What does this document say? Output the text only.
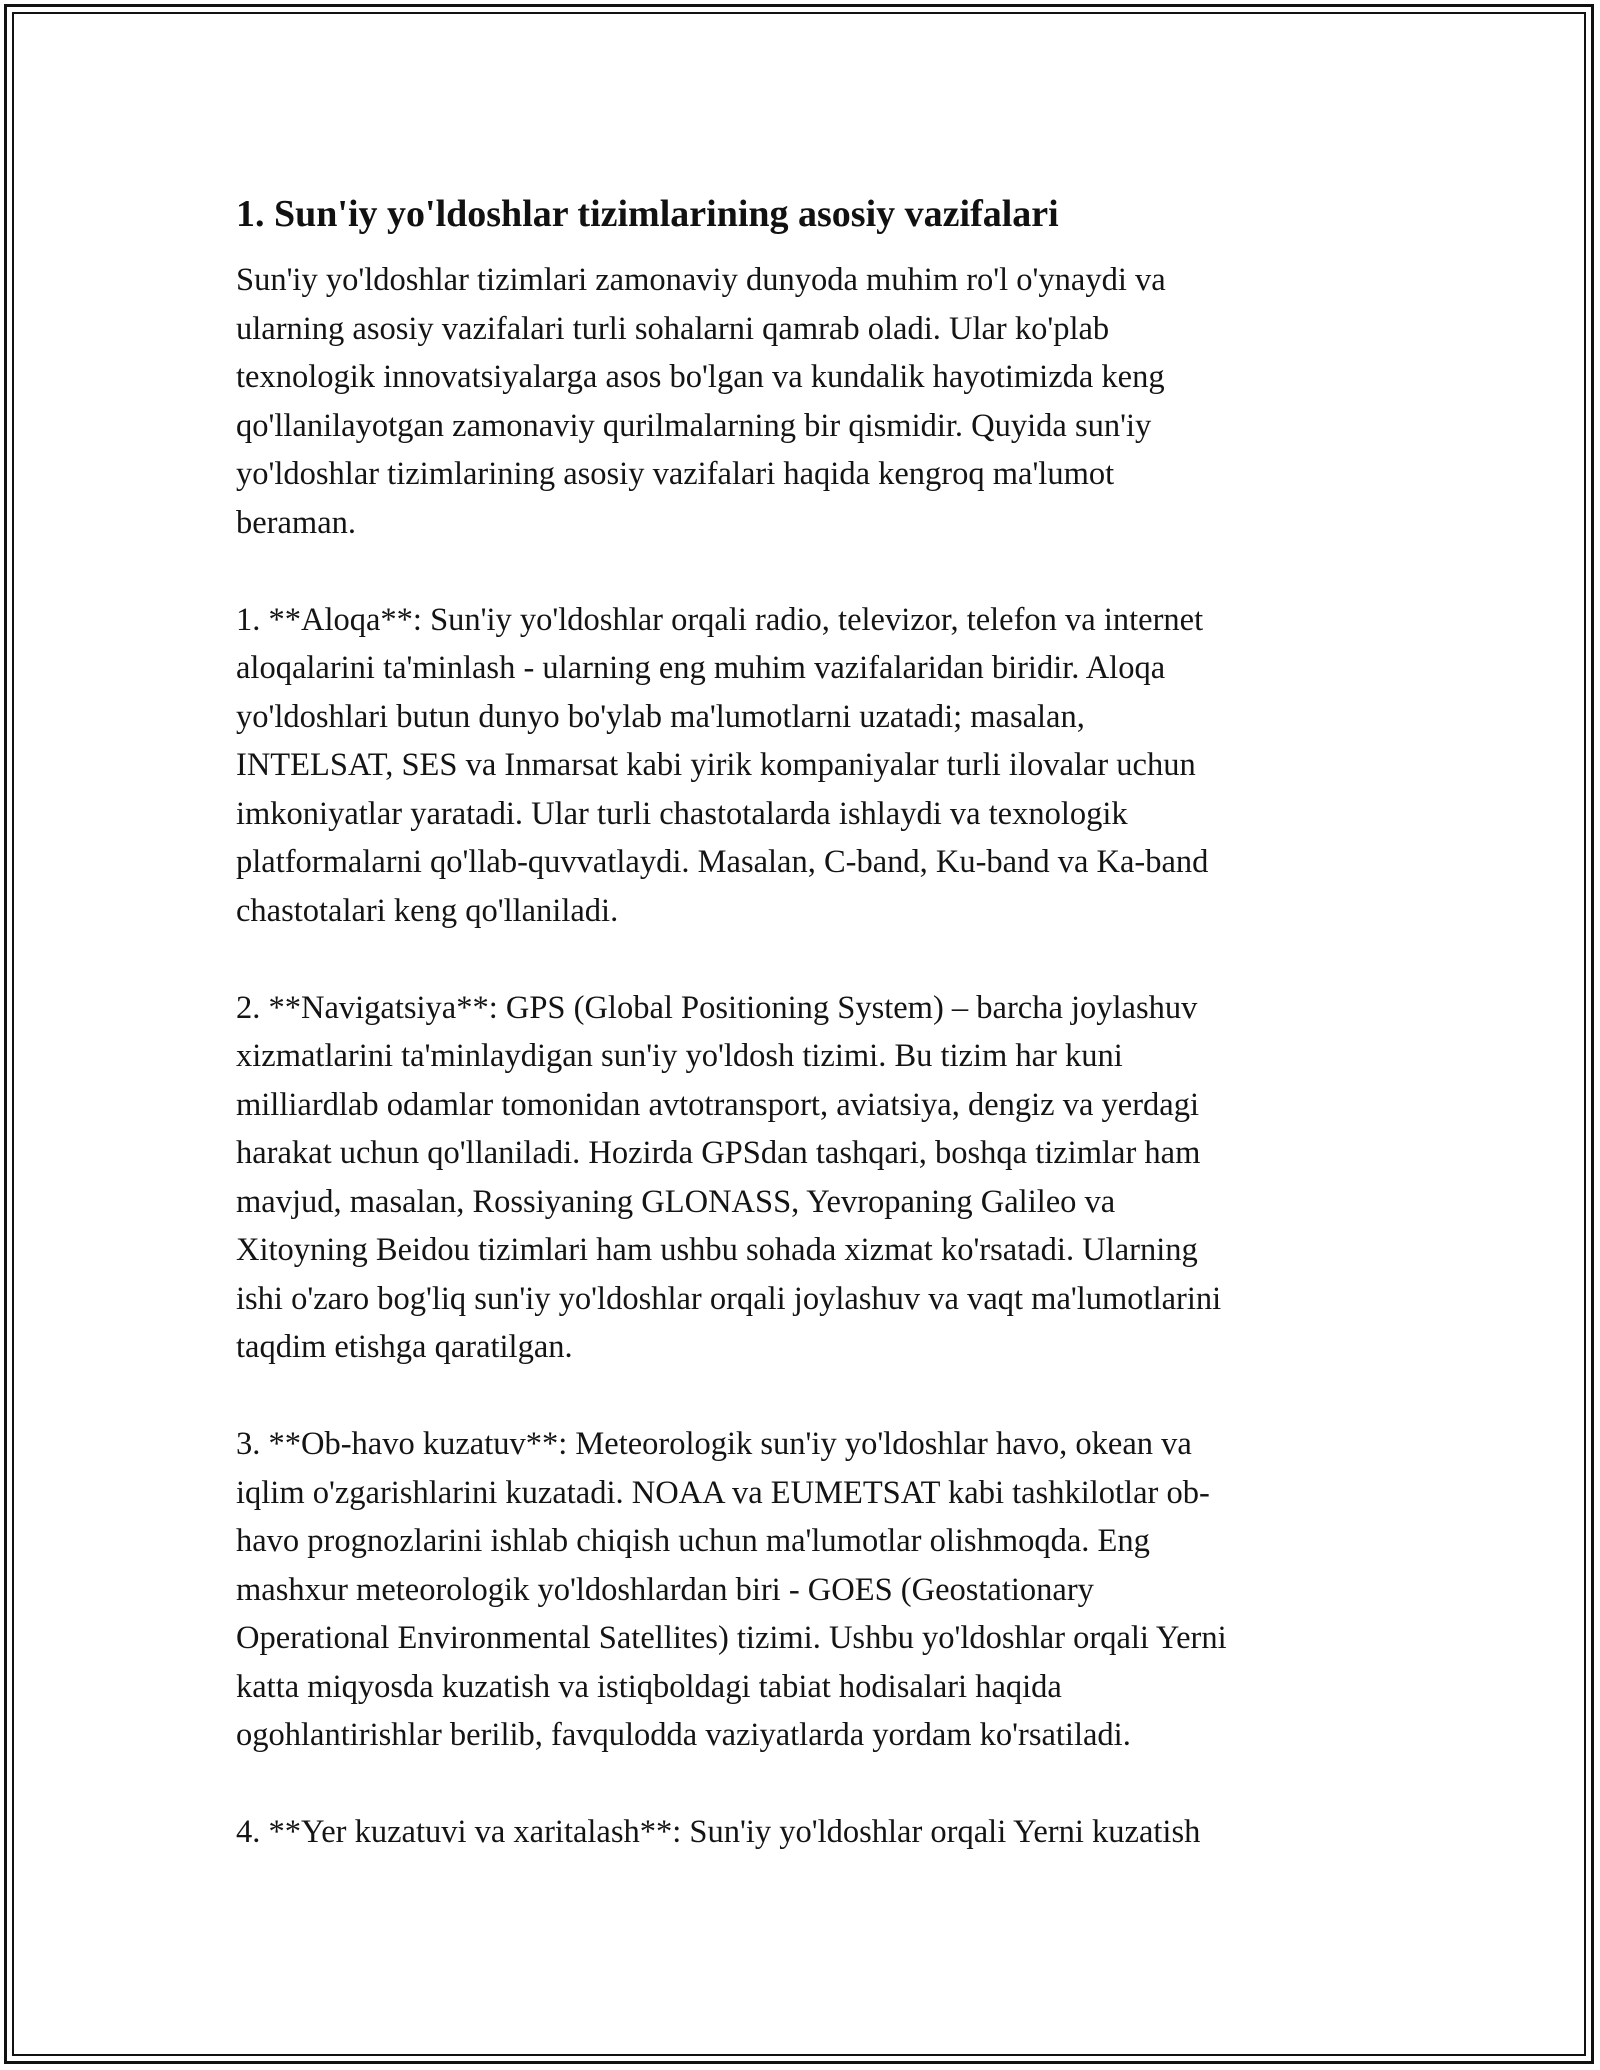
1. Sun'iy yo'ldoshlar tizimlarining asosiy vazifalari

Sun'iy yo'ldoshlar tizimlari zamonaviy dunyoda muhim ro'l o'ynaydi va
ularning asosiy vazifalari turli sohalarni qamrab oladi. Ular ko'plab
texnologik innovatsiyalarga asos bo'lgan va kundalik hayotimizda keng
qo'llanilayotgan zamonaviy qurilmalarning bir qismidir. Quyida sun'iy
yo'ldoshlar tizimlarining asosiy vazifalari haqida kengroq ma'lumot
beraman.

1. **Aloqa**: Sun'iy yo'ldoshlar orqali radio, televizor, telefon va internet
aloqalarini ta'minlash - ularning eng muhim vazifalaridan biridir. Aloqa
yo'ldoshlari butun dunyo bo'ylab ma'lumotlarni uzatadi; masalan,
INTELSAT, SES va Inmarsat kabi yirik kompaniyalar turli ilovalar uchun
imkoniyatlar yaratadi. Ular turli chastotalarda ishlaydi va texnologik
platformalarni qo'llab-quvvatlaydi. Masalan, C-band, Ku-band va Ka-band
chastotalari keng qo'llaniladi.

2. **Navigatsiya**: GPS (Global Positioning System) – barcha joylashuv
xizmatlarini ta'minlaydigan sun'iy yo'ldosh tizimi. Bu tizim har kuni
milliardlab odamlar tomonidan avtotransport, aviatsiya, dengiz va yerdagi
harakat uchun qo'llaniladi. Hozirda GPSdan tashqari, boshqa tizimlar ham
mavjud, masalan, Rossiyaning GLONASS, Yevropaning Galileo va
Xitoyning Beidou tizimlari ham ushbu sohada xizmat ko'rsatadi. Ularning
ishi o'zaro bog'liq sun'iy yo'ldoshlar orqali joylashuv va vaqt ma'lumotlarini
taqdim etishga qaratilgan.

3. **Ob-havo kuzatuv**: Meteorologik sun'iy yo'ldoshlar havo, okean va
iqlim o'zgarishlarini kuzatadi. NOAA va EUMETSAT kabi tashkilotlar ob-
havo prognozlarini ishlab chiqish uchun ma'lumotlar olishmoqda. Eng
mashxur meteorologik yo'ldoshlardan biri - GOES (Geostationary
Operational Environmental Satellites) tizimi. Ushbu yo'ldoshlar orqali Yerni
katta miqyosda kuzatish va istiqboldagi tabiat hodisalari haqida
ogohlantirishlar berilib, favqulodda vaziyatlarda yordam ko'rsatiladi.

4. **Yer kuzatuvi va xaritalash**: Sun'iy yo'ldoshlar orqali Yerni kuzatish
